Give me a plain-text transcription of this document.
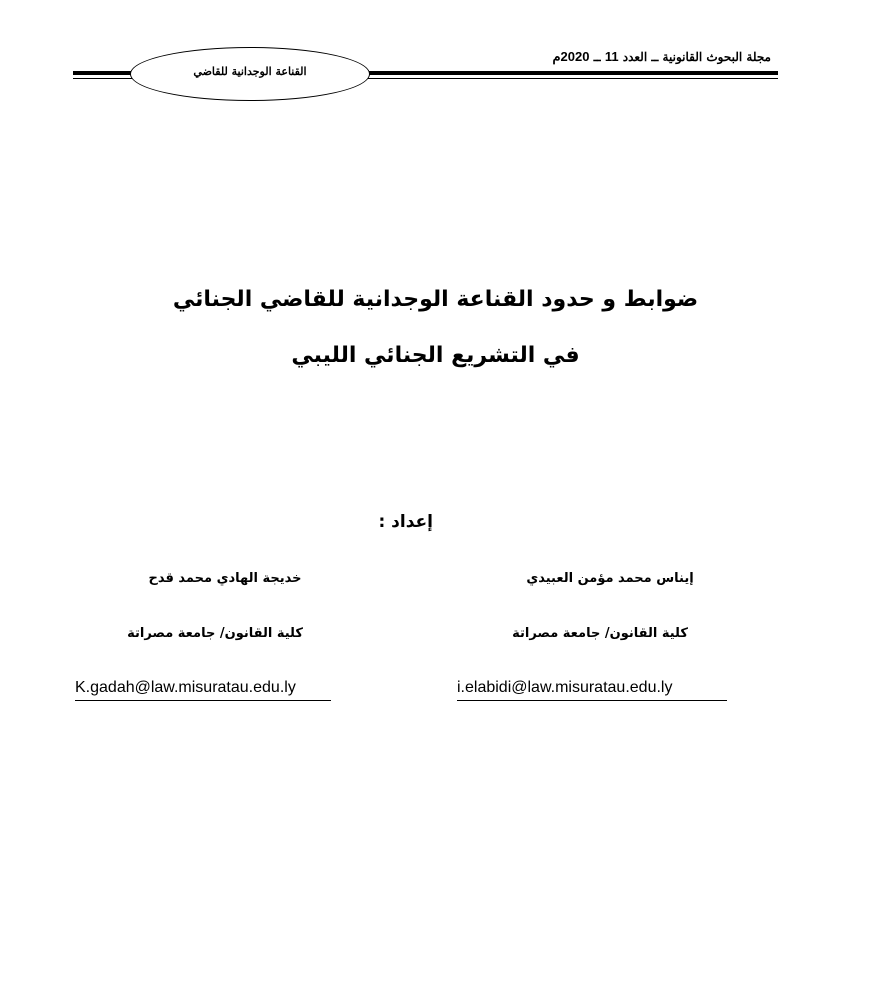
مجلة البحوث القانونية ــ العدد 11 ــ 2020م
القناعة الوجدانية للقاضي
ضوابط و حدود القناعة الوجدانية للقاضي الجنائي
في التشريع الجنائي الليبي
إعداد :
إيناس محمد مؤمن العبيدي
كلية القانون/ جامعة مصراتة
i.elabidi@law.misuratau.edu.ly
خديجة الهادي محمد قدح
كلية القانون/ جامعة مصراتة
K.gadah@law.misuratau.edu.ly
